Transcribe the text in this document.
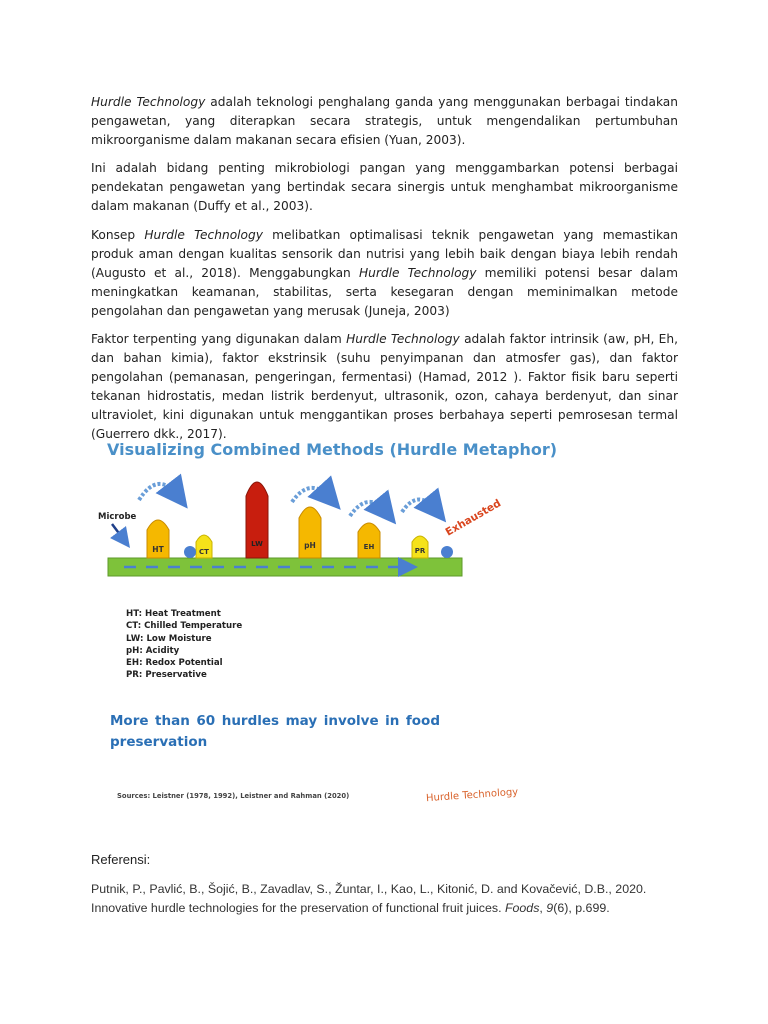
Hurdle Technology adalah teknologi penghalang ganda yang menggunakan berbagai tindakan pengawetan, yang diterapkan secara strategis, untuk mengendalikan pertumbuhan mikroorganisme dalam makanan secara efisien (Yuan, 2003).

Ini adalah bidang penting mikrobiologi pangan yang menggambarkan potensi berbagai pendekatan pengawetan yang bertindak secara sinergis untuk menghambat mikroorganisme dalam makanan (Duffy et al., 2003).

Konsep Hurdle Technology melibatkan optimalisasi teknik pengawetan yang memastikan produk aman dengan kualitas sensorik dan nutrisi yang lebih baik dengan biaya lebih rendah (Augusto et al., 2018). Menggabungkan Hurdle Technology memiliki potensi besar dalam meningkatkan keamanan, stabilitas, serta kesegaran dengan meminimalkan metode pengolahan dan pengawetan yang merusak (Juneja, 2003)

Faktor terpenting yang digunakan dalam Hurdle Technology adalah faktor intrinsik (aw, pH, Eh, dan bahan kimia), faktor ekstrinsik (suhu penyimpanan dan atmosfer gas), dan faktor pengolahan (pemanasan, pengeringan, fermentasi) (Hamad, 2012 ). Faktor fisik baru seperti tekanan hidrostatis, medan listrik berdenyut, ultrasonik, ozon, cahaya berdenyut, dan sinar ultraviolet, kini digunakan untuk menggantikan proses berbahaya seperti pemrosesan termal (Guerrero dkk., 2017).

Visualizing Combined Methods (Hurdle Metaphor)
Microbe
HT	CT
LW	pH	EH	PR
Exhausted
HT: Heat Treatment
CT: Chilled Temperature
LW: Low Moisture
pH: Acidity
EH: Redox Potential
PR: Preservative
More than 60 hurdles may involve in food preservation
Sources: Leistner (1978, 1992), Leistner and Rahman (2020)	Hurdle Technology
Referensi:
Putnik, P., Pavlić, B., Šojić, B., Zavadlav, S., Žuntar, I., Kao, L., Kitonić, D. and Kovačević, D.B., 2020. Innovative hurdle technologies for the preservation of functional fruit juices. Foods, 9(6), p.699.
